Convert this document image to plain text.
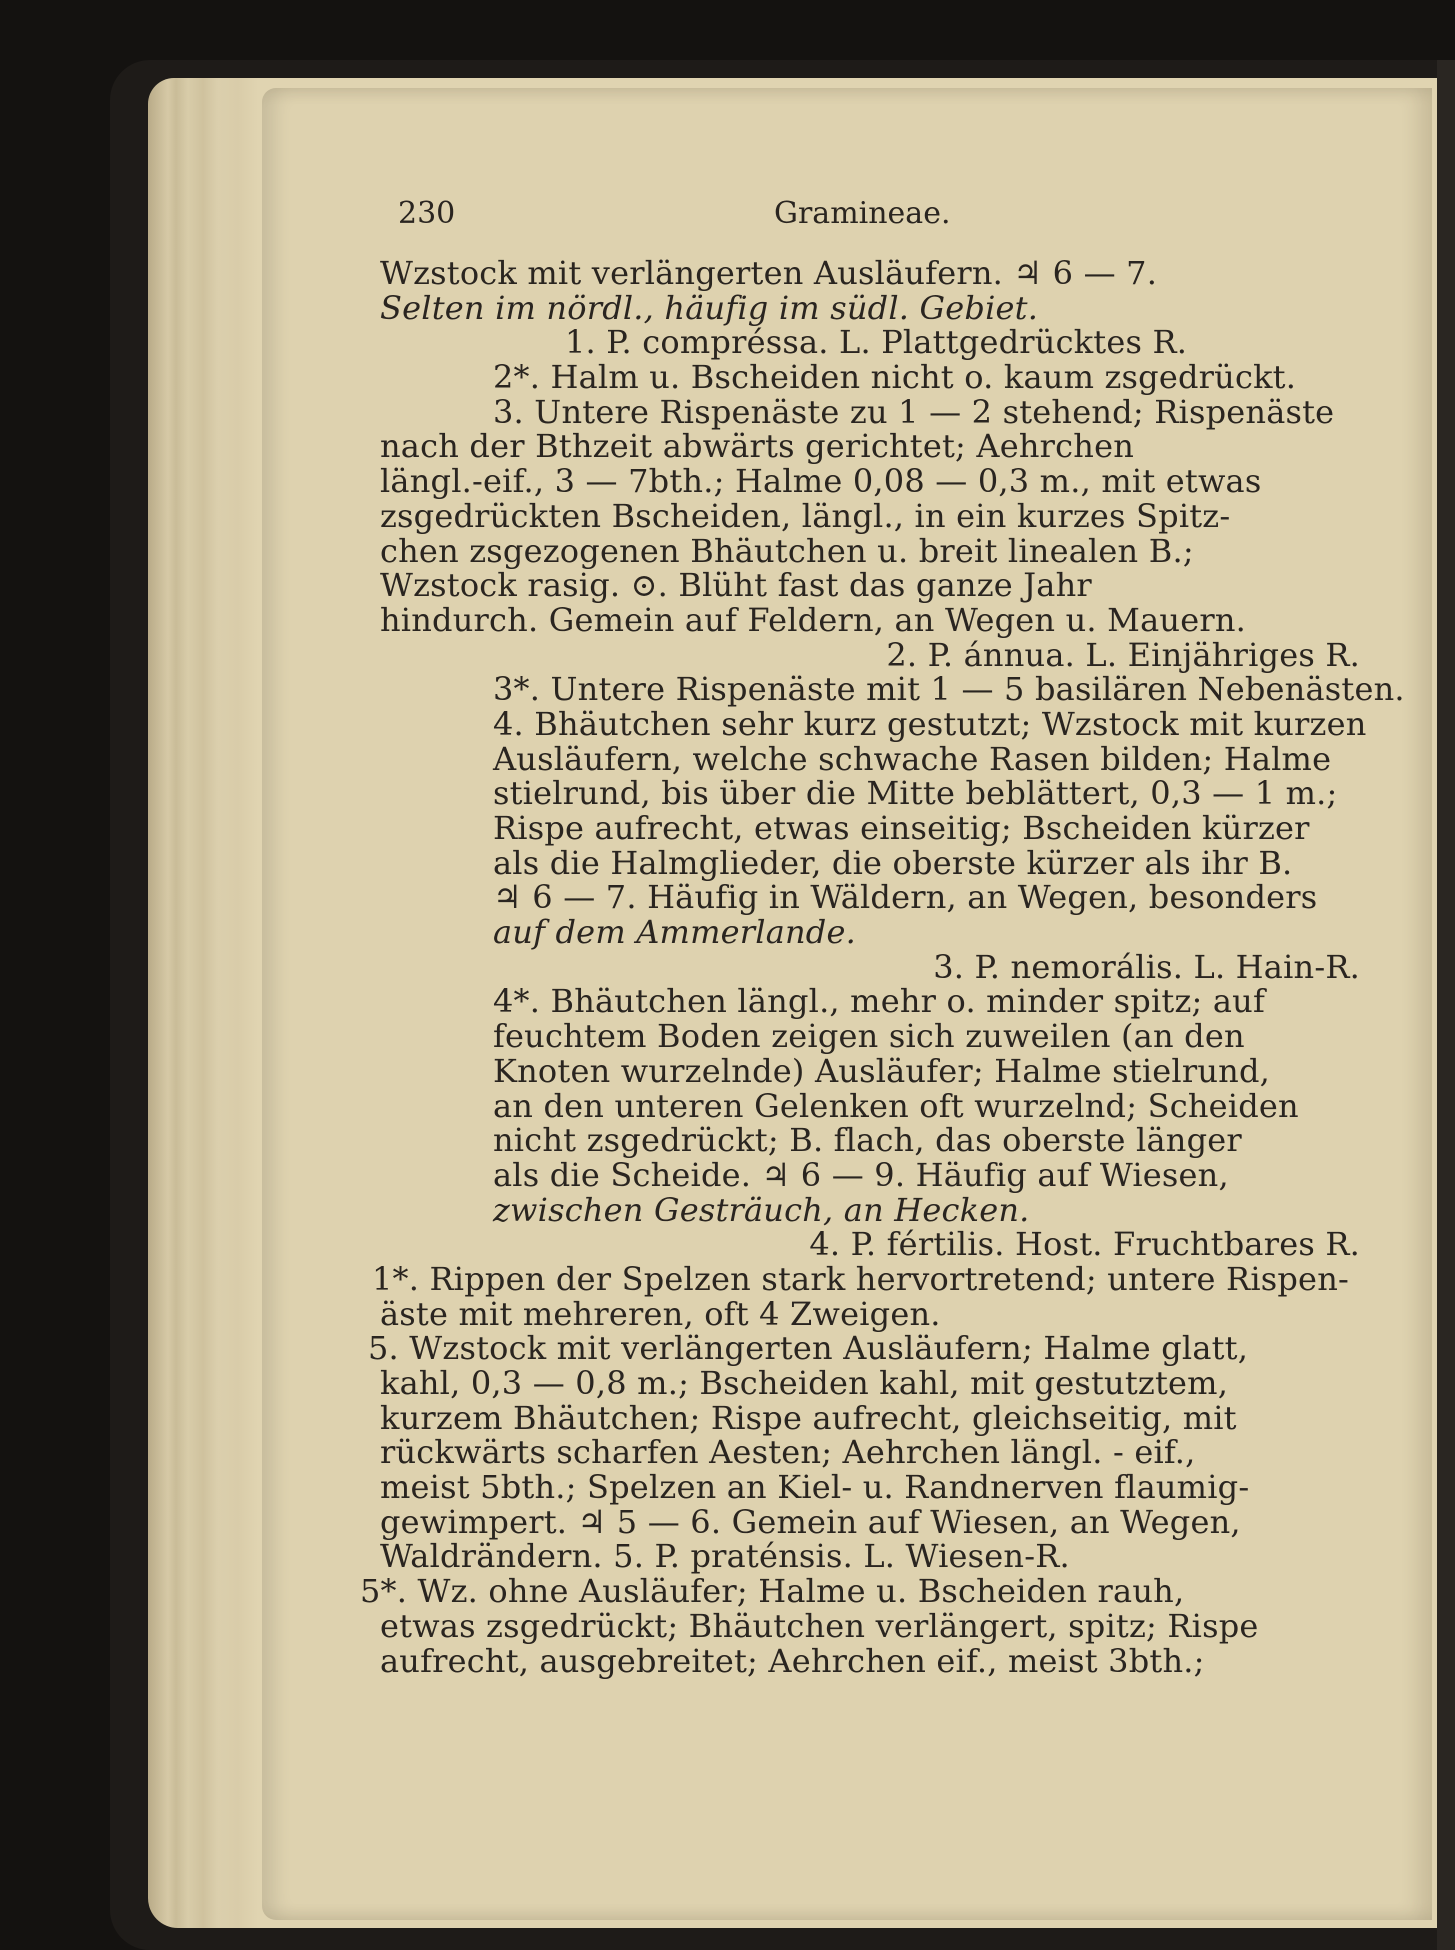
230	Gramineae.
Wzstock mit verlängerten Ausläufern. ♃ 6 — 7.
Selten im nördl., häufig im südl. Gebiet.
1. P. compréssa. L. Plattgedrücktes R.
2*. Halm u. Bscheiden nicht o. kaum zsgedrückt.
3. Untere Rispenäste zu 1 — 2 stehend; Rispenäste
nach der Bthzeit abwärts gerichtet; Aehrchen
längl.-eif., 3 — 7bth.; Halme 0,08 — 0,3 m., mit etwas
zsgedrückten Bscheiden, längl., in ein kurzes Spitz-
chen zsgezogenen Bhäutchen u. breit linealen B.;
Wzstock rasig. ⊙. Blüht fast das ganze Jahr
hindurch. Gemein auf Feldern, an Wegen u. Mauern.
2. P. ánnua. L. Einjähriges R.
3*. Untere Rispenäste mit 1 — 5 basilären Nebenästen.
4. Bhäutchen sehr kurz gestutzt; Wzstock mit kurzen
Ausläufern, welche schwache Rasen bilden; Halme
stielrund, bis über die Mitte beblättert, 0,3 — 1 m.;
Rispe aufrecht, etwas einseitig; Bscheiden kürzer
als die Halmglieder, die oberste kürzer als ihr B.
♃ 6 — 7. Häufig in Wäldern, an Wegen, besonders
auf dem Ammerlande.
3. P. nemorális. L. Hain-R.
4*. Bhäutchen längl., mehr o. minder spitz; auf
feuchtem Boden zeigen sich zuweilen (an den
Knoten wurzelnde) Ausläufer; Halme stielrund,
an den unteren Gelenken oft wurzelnd; Scheiden
nicht zsgedrückt; B. flach, das oberste länger
als die Scheide. ♃ 6 — 9. Häufig auf Wiesen,
zwischen Gesträuch, an Hecken.
4. P. fértilis. Host. Fruchtbares R.
1*. Rippen der Spelzen stark hervortretend; untere Rispen-
äste mit mehreren, oft 4 Zweigen.
5. Wzstock mit verlängerten Ausläufern; Halme glatt,
kahl, 0,3 — 0,8 m.; Bscheiden kahl, mit gestutztem,
kurzem Bhäutchen; Rispe aufrecht, gleichseitig, mit
rückwärts scharfen Aesten; Aehrchen längl. - eif.,
meist 5bth.; Spelzen an Kiel- u. Randnerven flaumig-
gewimpert. ♃ 5 — 6. Gemein auf Wiesen, an Wegen,
Waldrändern. 5. P. praténsis. L. Wiesen-R.
5*. Wz. ohne Ausläufer; Halme u. Bscheiden rauh,
etwas zsgedrückt; Bhäutchen verlängert, spitz; Rispe
aufrecht, ausgebreitet; Aehrchen eif., meist 3bth.;
